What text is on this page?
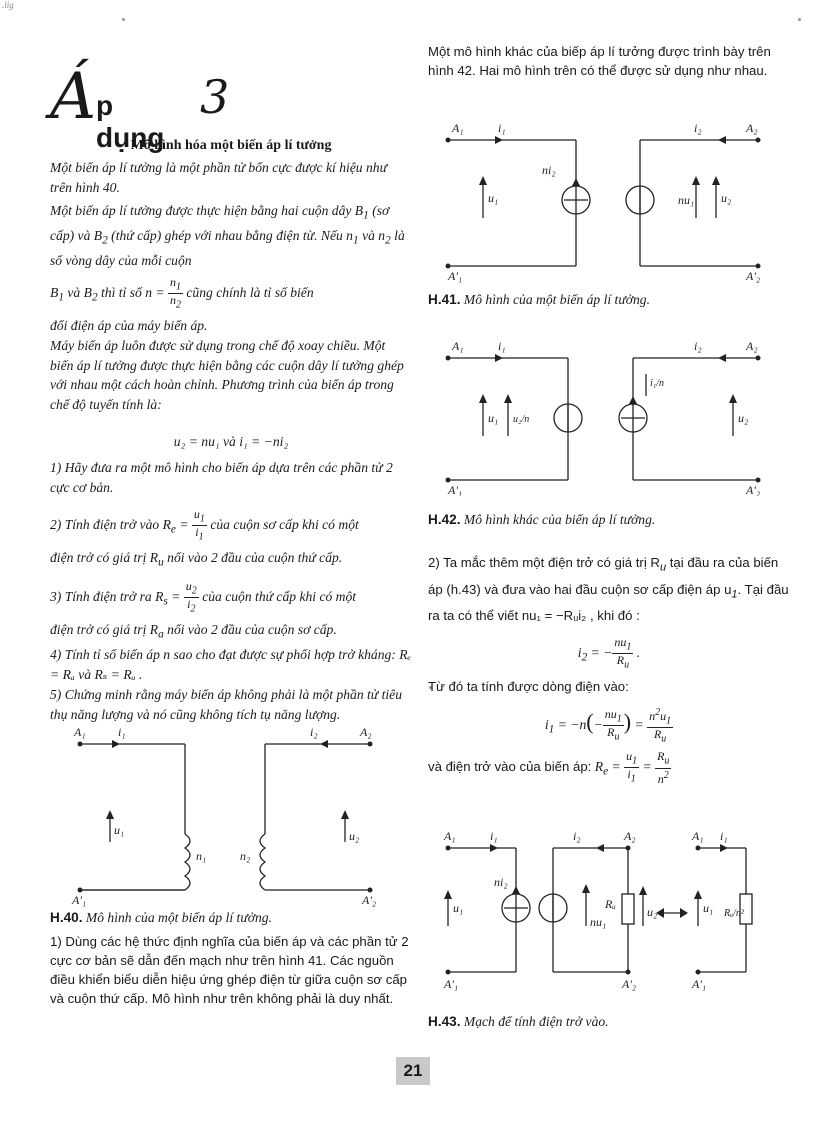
.lig
Á p dụng
3
Mô hình hóa một biến áp lí tưởng
Một biến áp lí tưởng là một phần tử bốn cực được kí hiệu như trên hình 40.
Một biến áp lí tưởng được thực hiện bằng hai cuộn dây $B_1$ (sơ cấp) và $B_2$ (thứ cấp) ghép với nhau bằng điện từ. Nếu $n_1$ và $n_2$ là số vòng dây của mỗi cuộn
$B_1$ và $B_2$ thì tỉ số $n = \frac{n_1}{n_2}$ cũng chính là tỉ số biến
đổi điện áp của máy biến áp.
Máy biến áp luôn được sử dụng trong chế độ xoay chiều. Một biến áp lí tưởng được thực hiện bằng các cuộn dây lí tưởng ghép với nhau một cách hoàn chỉnh. Phương trình của biến áp trong chế độ tuyến tính là:
u₂ = nu₁ và i₁ = −ni₂
1) Hãy đưa ra một mô hình cho biến áp dựa trên các phần tử 2 cực cơ bản.
2) Tính điện trở vào $R_e = \frac{u_1}{i_1}$ của cuộn sơ cấp khi có một
điện trở có giá trị $R_u$ nối vào 2 đầu của cuộn thứ cấp.
3) Tính điện trở ra $R_s = \frac{u_2}{i_2}$ của cuộn thứ cấp khi có một
điện trở có giá trị $R_a$ nối vào 2 đầu của cuộn sơ cấp.
4) Tính tỉ số biến áp n sao cho đạt được sự phối hợp trở kháng: Rₑ = Rₐ và Rₛ = Rᵤ .
5) Chứng minh rằng máy biến áp không phải là một phần tử tiêu thụ năng lượng và nó cũng không tích tụ năng lượng.
A₁	i₁	i₂	A₂
u₁	u₂
n₁	n₂
A'₁	A'₂
H.40. Mô hình của một biến áp lí tưởng.
1) Dùng các hệ thức định nghĩa của biến áp và các phần tử 2 cực cơ bản sẽ dẫn đến mạch như trên hình 41. Các nguồn điều khiển biểu diễn hiệu ứng ghép điện từ giữa cuộn sơ cấp và cuộn thứ cấp. Mô hình như trên không phải là duy nhất.
Một mô hình khác của biếp áp lí tưởng được trình bày trên hình 42. Hai mô hình trên có thể được sử dụng như nhau.
A₁	i₁	i₂	A₂
ni₂
u₁	nu₁ u₂
A'₁	A'₂
H.41. Mô hình của một biến áp lí tưởng.
A₁	i₁	i₂	A₂
i₁/n
u₁ u₂/n	u₂
A'₁	A'₂
H.42. Mô hình khác của biến áp lí tưởng.
2) Ta mắc thêm một điện trở có giá trị $R_u$ tại đầu ra của biến áp (h.43) và đưa vào hai đầu cuộn sơ cấp điện áp $u_1$. Tại đầu ra ta có thể viết nu₁ = −Rᵤi₂ , khi đó :
$i_2$ = − $\frac{nu_1}{R_u}$ .
Từ đó ta tính được dòng điện vào:
$i_1 = -n(- \frac{nu_1}{R_u}$ ) = $\frac{n^2u_1}{R_u}$
và điện trở vào của biến áp: $R_e = \frac{u_1}{i_1} = \frac{R_u}{n^2}$
A₁	i₁	i₂	A₂	A₁ i₁
ni₂
u₁
nu₁
Rᵤ
u₂	u₁ Rᵤ/n²
A'₁	A'₂	A'₁
H.43. Mạch để tính điện trở vào.
21
